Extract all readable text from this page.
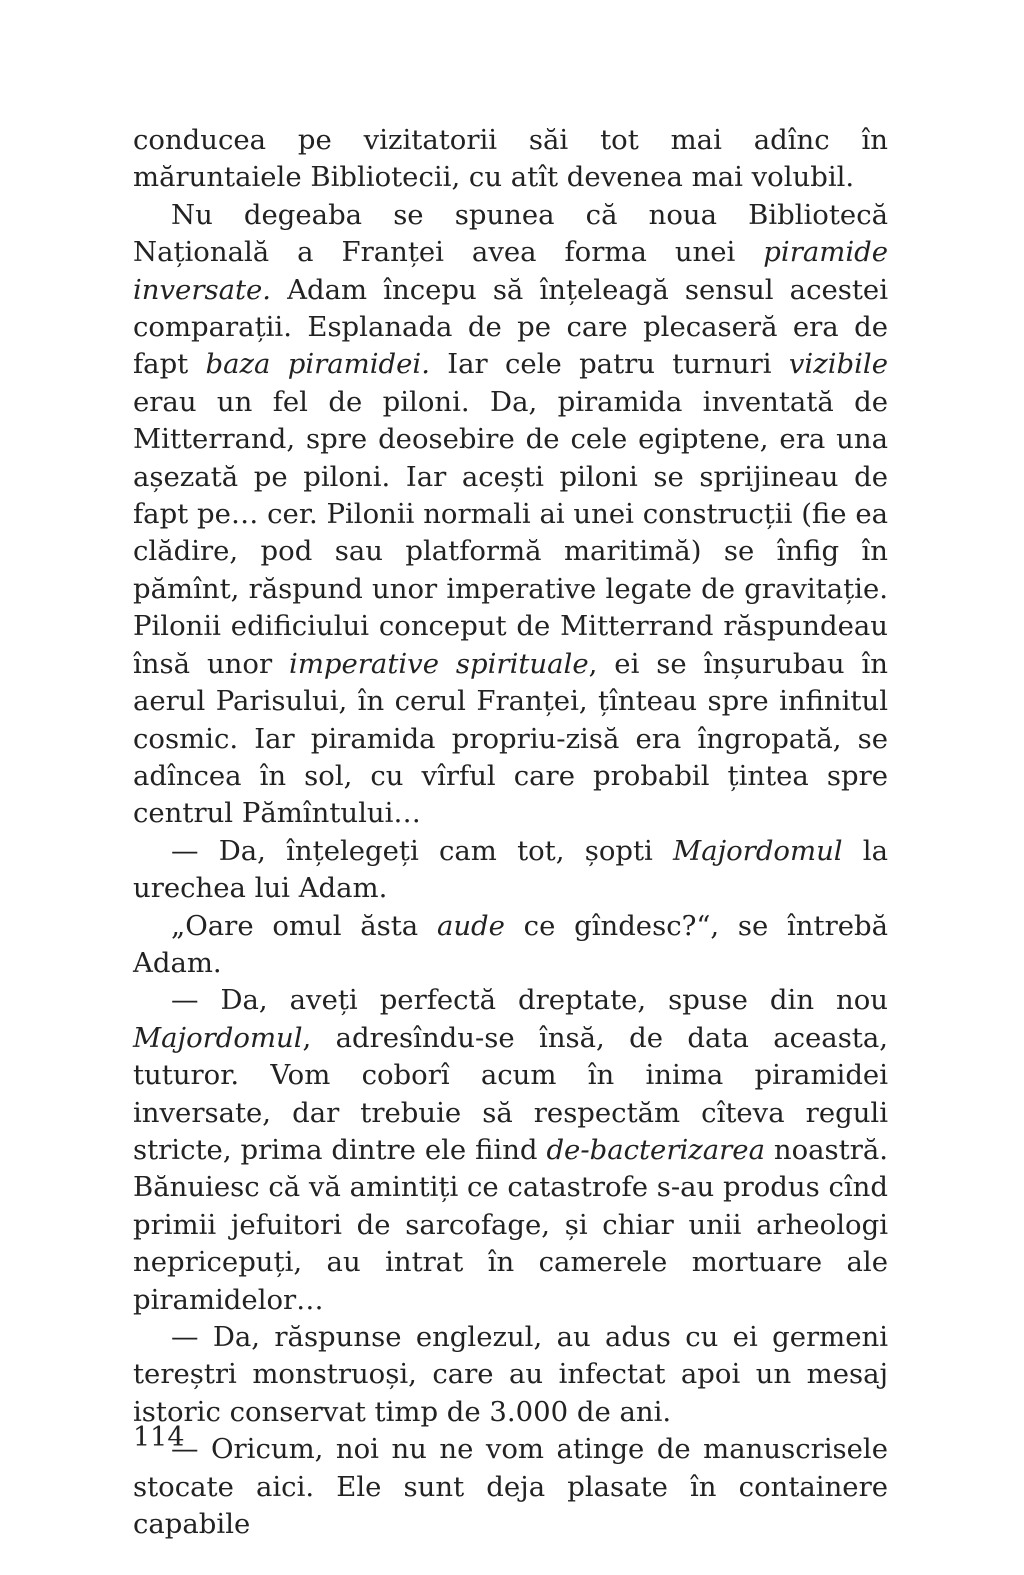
conducea pe vizitatorii săi tot mai adînc în măruntaiele Bibliotecii, cu atît devenea mai volubil.

Nu degeaba se spunea că noua Bibliotecă Națională a Franței avea forma unei piramide inversate. Adam începu să înțeleagă sensul acestei comparații. Esplanada de pe care plecaseră era de fapt baza piramidei. Iar cele patru turnuri vizibile erau un fel de piloni. Da, piramida inventată de Mitterrand, spre deosebire de cele egiptene, era una așezată pe piloni. Iar acești piloni se sprijineau de fapt pe… cer. Pilonii normali ai unei construcții (fie ea clădire, pod sau platformă maritimă) se înfig în pămînt, răspund unor imperative legate de gravitație. Pilonii edificiului conceput de Mitterrand răspundeau însă unor imperative spirituale, ei se înșurubau în aerul Parisului, în cerul Franței, țînteau spre infinitul cosmic. Iar piramida propriu-zisă era îngropată, se adîncea în sol, cu vîrful care probabil țintea spre centrul Pămîntului…

— Da, înțelegeți cam tot, șopti Majordomul la urechea lui Adam.

„Oare omul ăsta aude ce gîndesc?“, se întrebă Adam.

— Da, aveți perfectă dreptate, spuse din nou Majordomul, adresîndu-se însă, de data aceasta, tuturor. Vom coborî acum în inima piramidei inversate, dar trebuie să respectăm cîteva reguli stricte, prima dintre ele fiind de-bacterizarea noastră. Bănuiesc că vă amintiți ce catastrofe s-au produs cînd primii jefuitori de sarcofage, și chiar unii arheologi nepricepuți, au intrat în camerele mortuare ale piramidelor…

— Da, răspunse englezul, au adus cu ei germeni tereștri monstruoși, care au infectat apoi un mesaj istoric conservat timp de 3.000 de ani.

— Oricum, noi nu ne vom atinge de manuscrisele stocate aici. Ele sunt deja plasate în containere capabile

114
